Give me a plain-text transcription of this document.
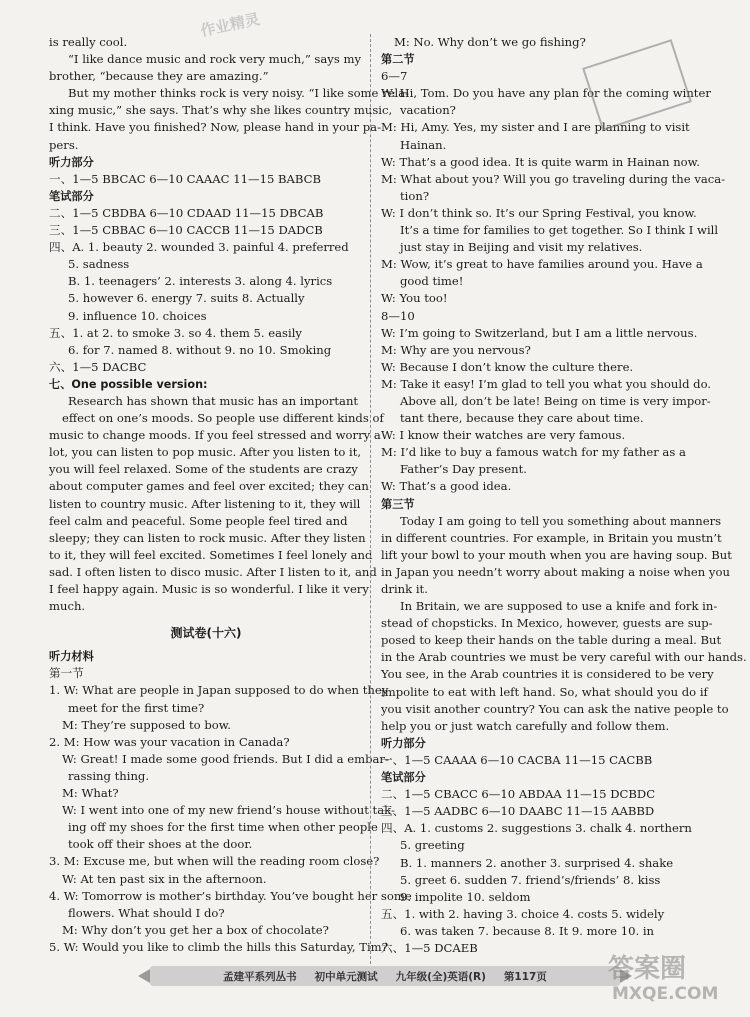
is really cool.
“I like dance music and rock very much,” says my
brother, “because they are amazing.”
But my mother thinks rock is very noisy. “I like some rela-
xing music,” she says. That’s why she likes country music,
I think. Have you finished? Now, please hand in your pa-
pers.
听力部分
一、1—5 BBCAC 6—10 CAAAC 11—15 BABCB
笔试部分
二、1—5 CBDBA 6—10 CDAAD 11—15 DBCAB
三、1—5 CBBAC 6—10 CACCB 11—15 DADCB
四、A. 1. beauty 2. wounded 3. painful 4. preferred
5. sadness
B. 1. teenagers’ 2. interests 3. along 4. lyrics
5. however 6. energy 7. suits 8. Actually
9. influence 10. choices
五、1. at 2. to smoke 3. so 4. them 5. easily
6. for 7. named 8. without 9. no 10. Smoking
六、1—5 DACBC
七、One possible version:
Research has shown that music has an important
effect on one’s moods. So people use different kinds of
music to change moods. If you feel stressed and worry a
lot, you can listen to pop music. After you listen to it,
you will feel relaxed. Some of the students are crazy
about computer games and feel over excited; they can
listen to country music. After listening to it, they will
feel calm and peaceful. Some people feel tired and
sleepy; they can listen to rock music. After they listen
to it, they will feel excited. Sometimes I feel lonely and
sad. I often listen to disco music. After I listen to it, and
I feel happy again. Music is so wonderful. I like it very
much.
测试卷(十六)
听力材料
第一节
1. W: What are people in Japan supposed to do when they
meet for the first time?
M: They’re supposed to bow.
2. M: How was your vacation in Canada?
W: Great! I made some good friends. But I did a embar-
rassing thing.
M: What?
W: I went into one of my new friend’s house without tak-
ing off my shoes for the first time when other people
took off their shoes at the door.
3. M: Excuse me, but when will the reading room close?
W: At ten past six in the afternoon.
4. W: Tomorrow is mother’s birthday. You’ve bought her some
flowers. What should I do?
M: Why don’t you get her a box of chocolate?
5. W: Would you like to climb the hills this Saturday, Tim?
M: No. Why don’t we go fishing?
第二节
6—7
W: Hi, Tom. Do you have any plan for the coming winter
vacation?
M: Hi, Amy. Yes, my sister and I are planning to visit
Hainan.
W: That’s a good idea. It is quite warm in Hainan now.
M: What about you? Will you go traveling during the vaca-
tion?
W: I don’t think so. It’s our Spring Festival, you know.
It’s a time for families to get together. So I think I will
just stay in Beijing and visit my relatives.
M: Wow, it’s great to have families around you. Have a
good time!
W: You too!
8—10
W: I’m going to Switzerland, but I am a little nervous.
M: Why are you nervous?
W: Because I don’t know the culture there.
M: Take it easy! I’m glad to tell you what you should do.
Above all, don’t be late! Being on time is very impor-
tant there, because they care about time.
W: I know their watches are very famous.
M: I’d like to buy a famous watch for my father as a
Father’s Day present.
W: That’s a good idea.
第三节
Today I am going to tell you something about manners
in different countries. For example, in Britain you mustn’t
lift your bowl to your mouth when you are having soup. But
in Japan you needn’t worry about making a noise when you
drink it.
In Britain, we are supposed to use a knife and fork in-
stead of chopsticks. In Mexico, however, guests are sup-
posed to keep their hands on the table during a meal. But
in the Arab countries we must be very careful with our hands.
You see, in the Arab countries it is considered to be very
impolite to eat with left hand. So, what should you do if
you visit another country? You can ask the native people to
help you or just watch carefully and follow them.
听力部分
一、1—5 CAAAA 6—10 CACBA 11—15 CACBB
笔试部分
二、1—5 CBACC 6—10 ABDAA 11—15 DCBDC
三、1—5 AADBC 6—10 DAABC 11—15 AABBD
四、A. 1. customs 2. suggestions 3. chalk 4. northern
5. greeting
B. 1. manners 2. another 3. surprised 4. shake
5. greet 6. sudden 7. friend’s/friends’ 8. kiss
9. impolite 10. seldom
五、1. with 2. having 3. choice 4. costs 5. widely
6. was taken 7. because 8. It 9. more 10. in
六、1—5 DCAEB
孟建平系列丛书 初中单元测试 九年级(全)英语(R) 第117页
作业精灵
答案圈
MXQE.COM
